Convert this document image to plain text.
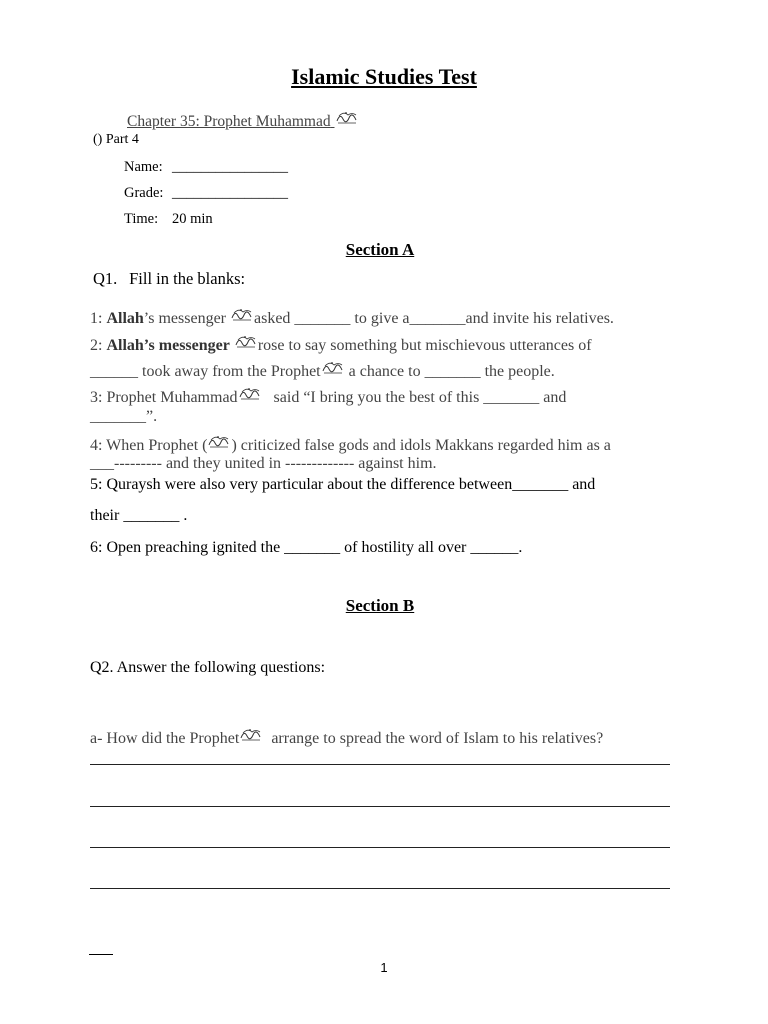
Islamic Studies Test
Chapter 35: Prophet Muhammad
() Part 4
Name: ________________
Grade: ________________
Time: 20 min
Section A
Q1. Fill in the blanks:
1: Allah’s messenger
asked _______ to give a_______and invite his relatives.
2: Allah’s messenger rose to say something but mischievous utterances of
______ took away from the Prophet
a chance to _______ the people.
3: Prophet Muhammad
said “I bring you the best of this _______ and
_______”.
4: When Prophet ( ) criticized false gods and idols Makkans regarded him as a
___--------- and they united in ------------- against him.
5: Quraysh were also very particular about the difference between_______ and
their _______ .
6: Open preaching ignited the _______ of hostility all over ______.
Section B
Q2. Answer the following questions:
a- How did the Prophet
arrange to spread the word of Islam to his relatives?
1
